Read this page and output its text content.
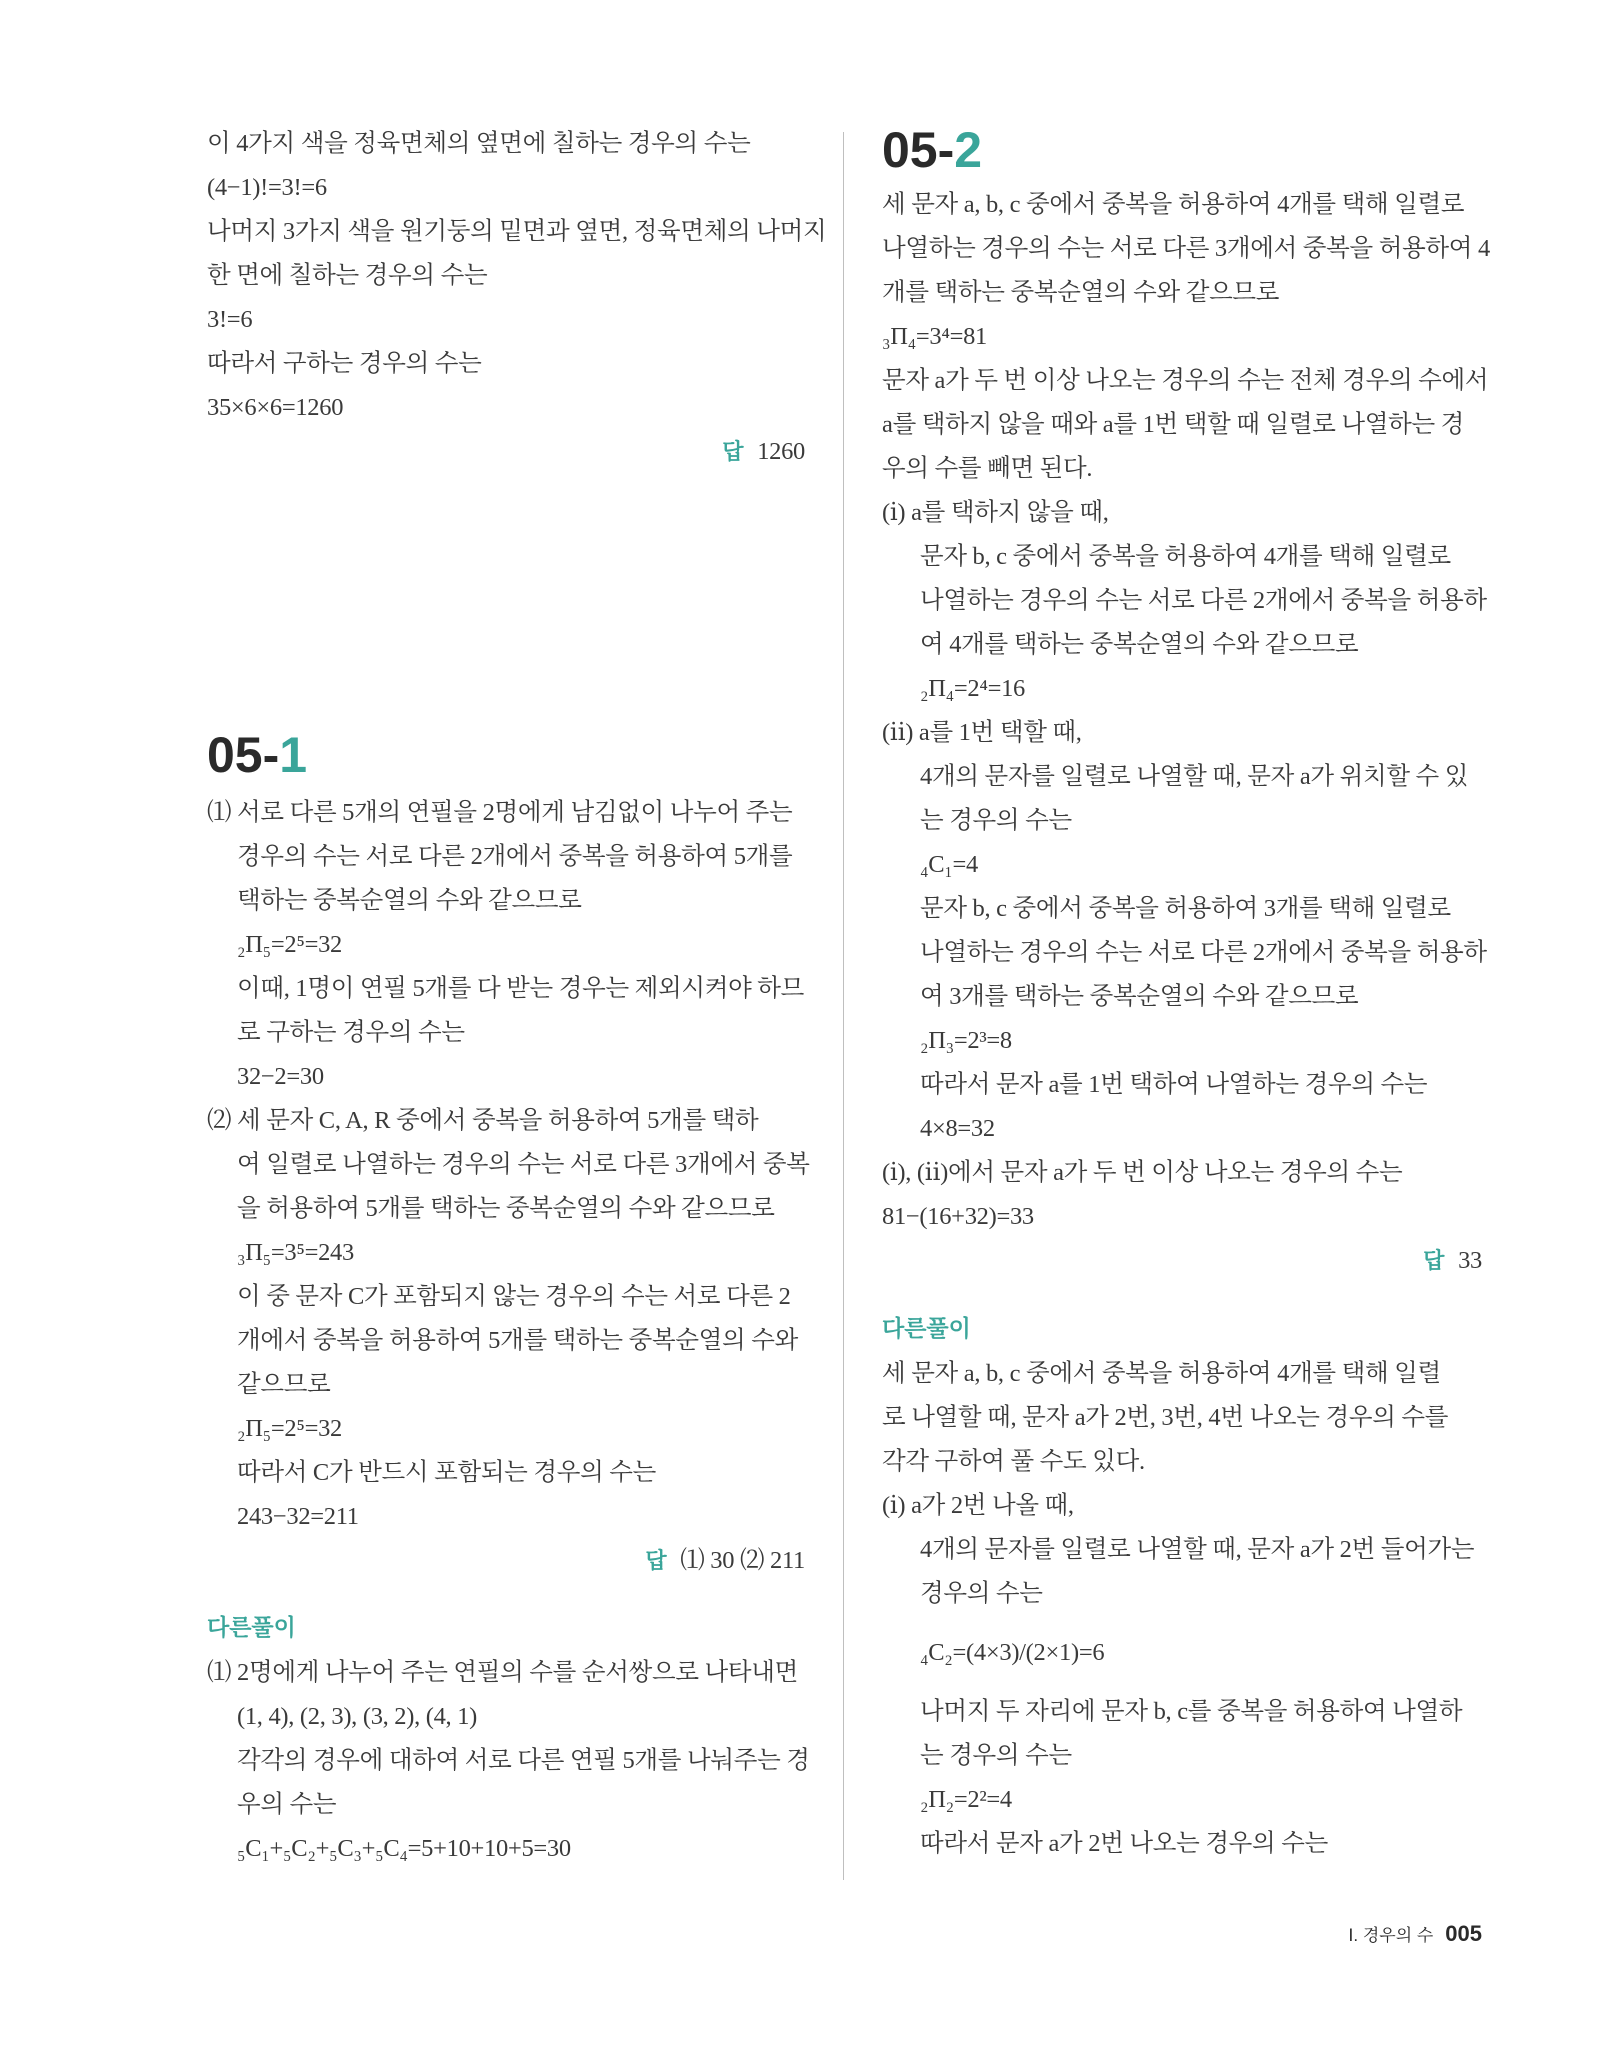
이 4가지 색을 정육면체의 옆면에 칠하는 경우의 수는
(4−1)!=3!=6
나머지 3가지 색을 원기둥의 밑면과 옆면, 정육면체의 나머지
한 면에 칠하는 경우의 수는
3!=6
따라서 구하는 경우의 수는
35×6×6=1260
답 1260
05-1
⑴ 서로 다른 5개의 연필을 2명에게 남김없이 나누어 주는
경우의 수는 서로 다른 2개에서 중복을 허용하여 5개를
택하는 중복순열의 수와 같으므로
₂Π₅=2⁵=32
이때, 1명이 연필 5개를 다 받는 경우는 제외시켜야 하므
로 구하는 경우의 수는
32−2=30
⑵ 세 문자 C, A, R 중에서 중복을 허용하여 5개를 택하
여 일렬로 나열하는 경우의 수는 서로 다른 3개에서 중복
을 허용하여 5개를 택하는 중복순열의 수와 같으므로
₃Π₅=3⁵=243
이 중 문자 C가 포함되지 않는 경우의 수는 서로 다른 2
개에서 중복을 허용하여 5개를 택하는 중복순열의 수와
같으므로
₂Π₅=2⁵=32
따라서 C가 반드시 포함되는 경우의 수는
243−32=211
답 ⑴ 30 ⑵ 211
다른풀이
⑴ 2명에게 나누어 주는 연필의 수를 순서쌍으로 나타내면
(1, 4), (2, 3), (3, 2), (4, 1)
각각의 경우에 대하여 서로 다른 연필 5개를 나눠주는 경
우의 수는
₅C₁+₅C₂+₅C₃+₅C₄=5+10+10+5=30
05-2
세 문자 a, b, c 중에서 중복을 허용하여 4개를 택해 일렬로
나열하는 경우의 수는 서로 다른 3개에서 중복을 허용하여 4
개를 택하는 중복순열의 수와 같으므로
₃Π₄=3⁴=81
문자 a가 두 번 이상 나오는 경우의 수는 전체 경우의 수에서
a를 택하지 않을 때와 a를 1번 택할 때 일렬로 나열하는 경
우의 수를 빼면 된다.
(ⅰ) a를 택하지 않을 때,
문자 b, c 중에서 중복을 허용하여 4개를 택해 일렬로
나열하는 경우의 수는 서로 다른 2개에서 중복을 허용하
여 4개를 택하는 중복순열의 수와 같으므로
₂Π₄=2⁴=16
(ⅱ) a를 1번 택할 때,
4개의 문자를 일렬로 나열할 때, 문자 a가 위치할 수 있
는 경우의 수는
₄C₁=4
문자 b, c 중에서 중복을 허용하여 3개를 택해 일렬로
나열하는 경우의 수는 서로 다른 2개에서 중복을 허용하
여 3개를 택하는 중복순열의 수와 같으므로
₂Π₃=2³=8
따라서 문자 a를 1번 택하여 나열하는 경우의 수는
4×8=32
(ⅰ), (ⅱ)에서 문자 a가 두 번 이상 나오는 경우의 수는
81−(16+32)=33
답 33
다른풀이
세 문자 a, b, c 중에서 중복을 허용하여 4개를 택해 일렬
로 나열할 때, 문자 a가 2번, 3번, 4번 나오는 경우의 수를
각각 구하여 풀 수도 있다.
(ⅰ) a가 2번 나올 때,
4개의 문자를 일렬로 나열할 때, 문자 a가 2번 들어가는
경우의 수는
₄C₂=(4×3)/(2×1)=6
나머지 두 자리에 문자 b, c를 중복을 허용하여 나열하
는 경우의 수는
₂Π₂=2²=4
따라서 문자 a가 2번 나오는 경우의 수는
Ⅰ. 경우의 수 005
